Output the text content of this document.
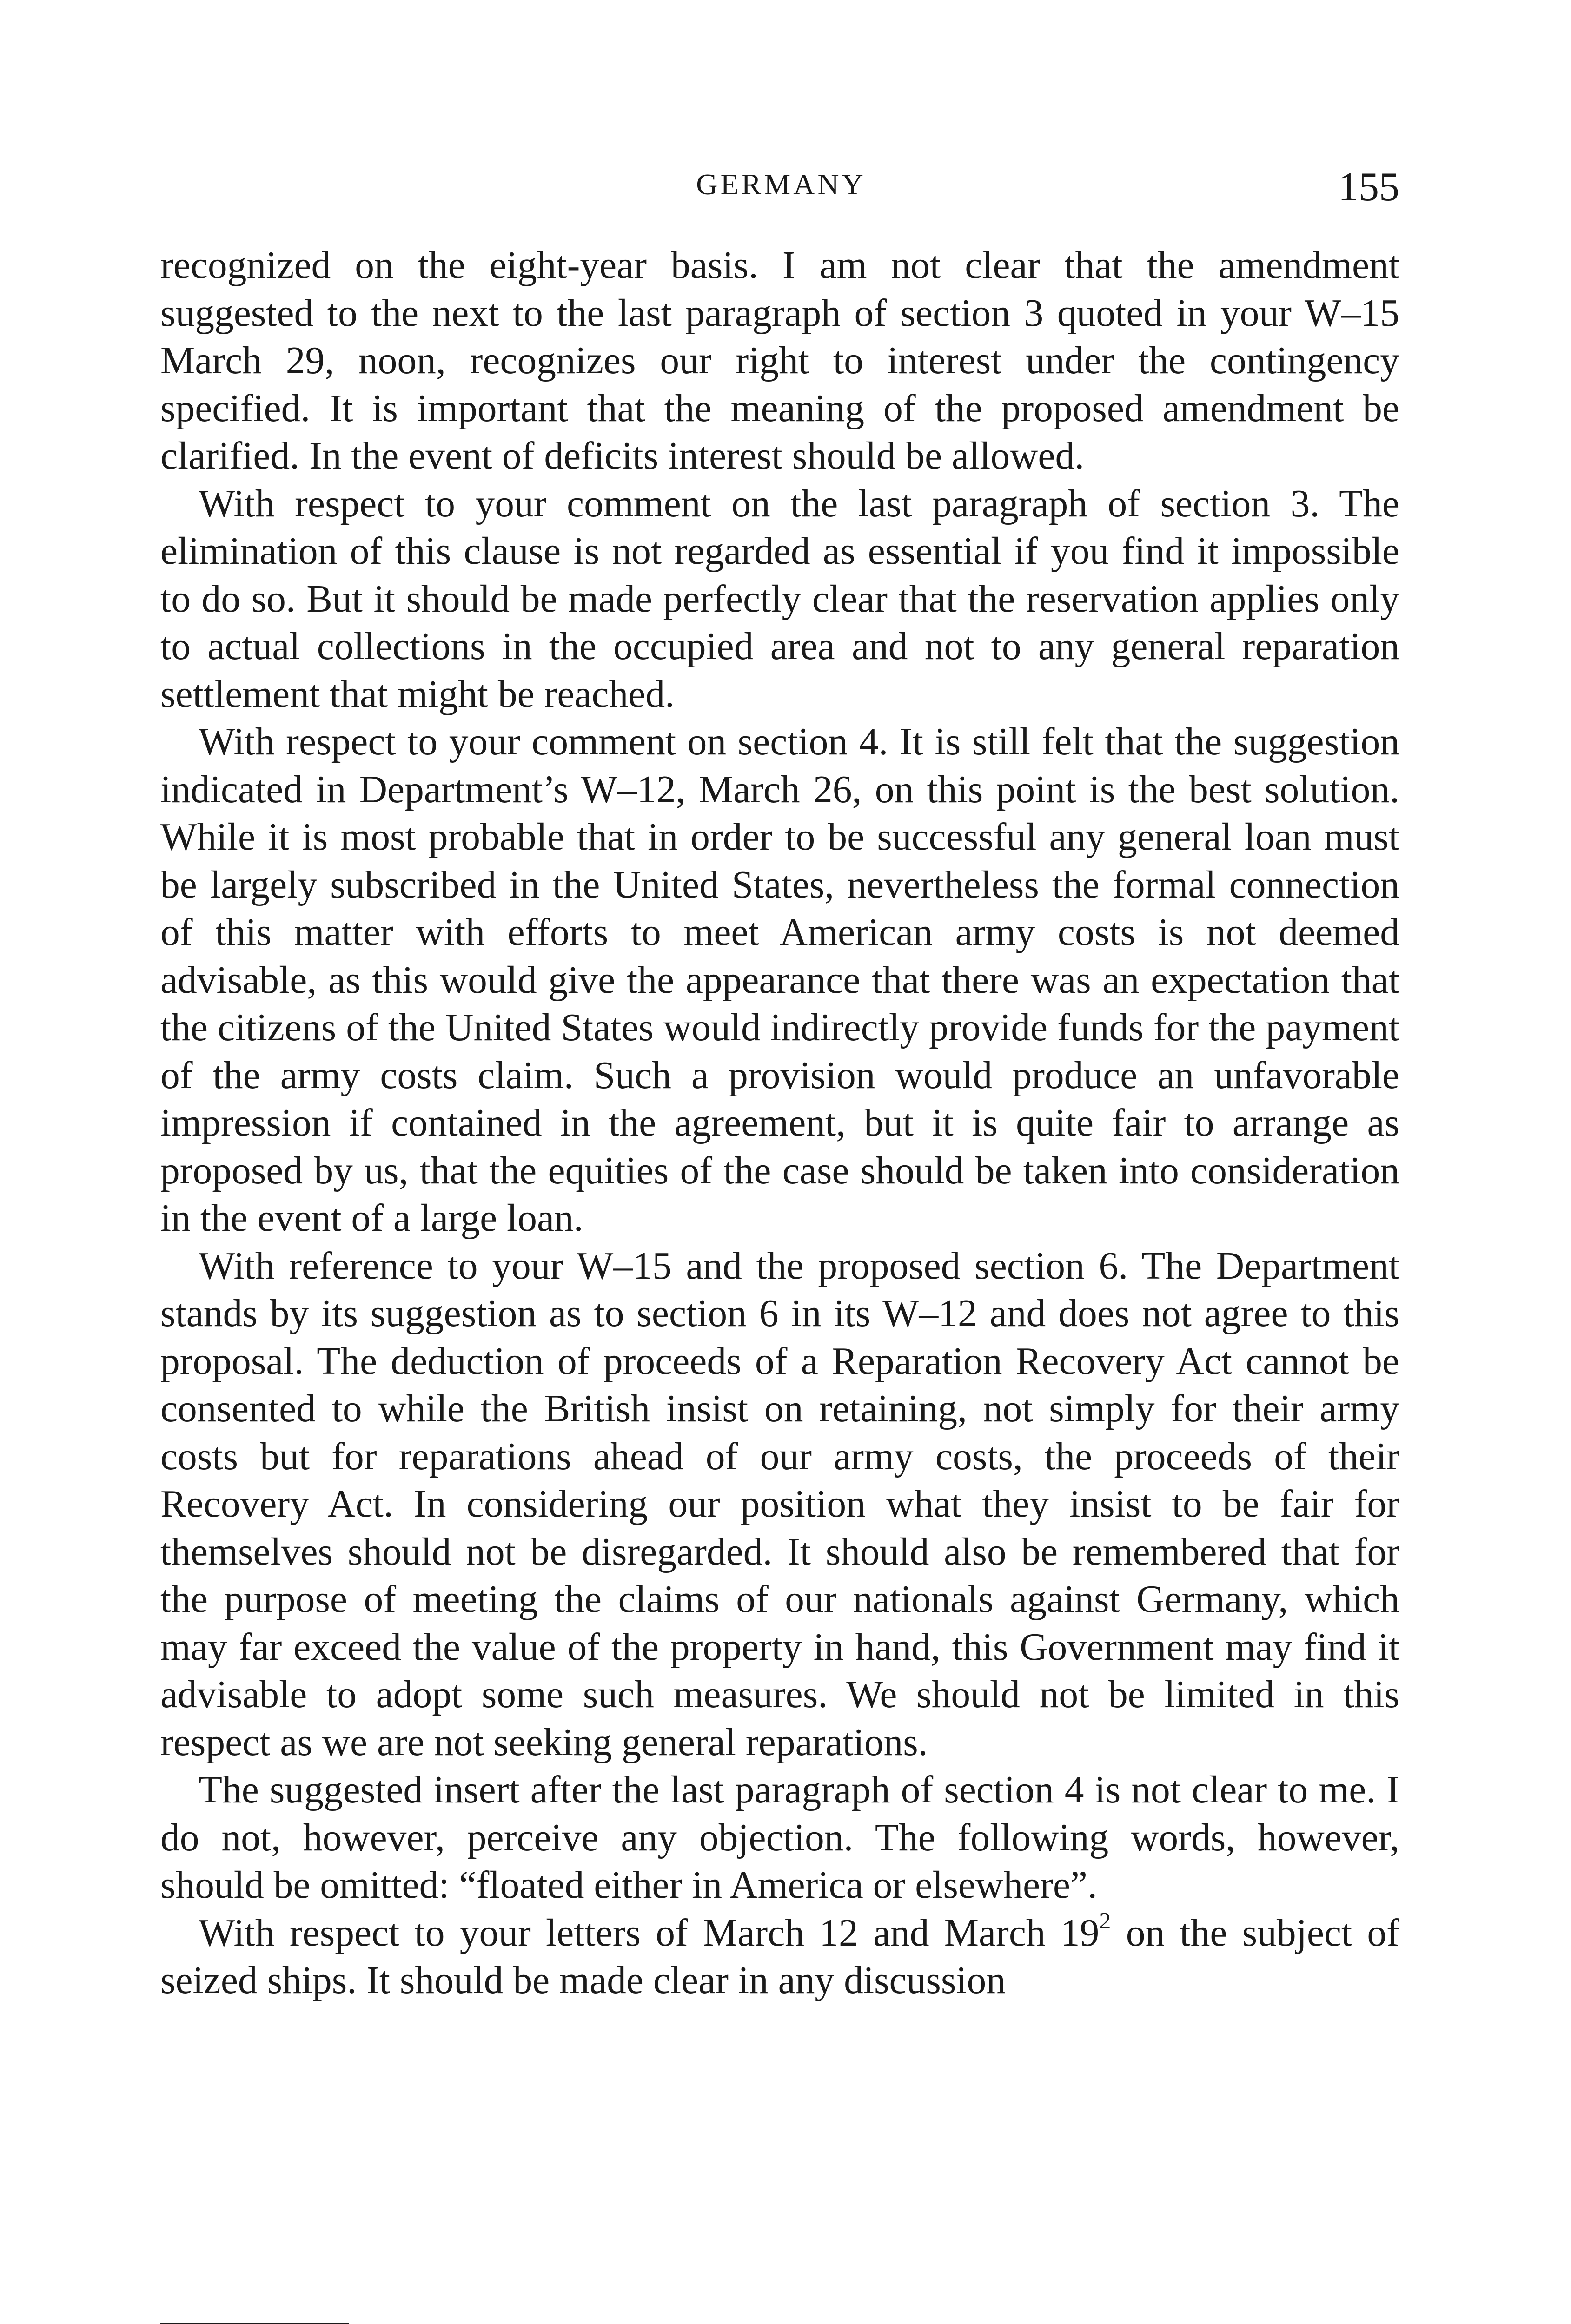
GERMANY	155

recognized on the eight-year basis. I am not clear that the amendment suggested to the next to the last paragraph of section 3 quoted in your W–15 March 29, noon, recognizes our right to interest under the contingency specified. It is important that the meaning of the proposed amendment be clarified. In the event of deficits interest should be allowed.

With respect to your comment on the last paragraph of section 3. The elimination of this clause is not regarded as essential if you find it impossible to do so. But it should be made perfectly clear that the reservation applies only to actual collections in the occupied area and not to any general reparation settlement that might be reached.

With respect to your comment on section 4. It is still felt that the suggestion indicated in Department’s W–12, March 26, on this point is the best solution. While it is most probable that in order to be successful any general loan must be largely subscribed in the United States, nevertheless the formal connection of this matter with efforts to meet American army costs is not deemed advisable, as this would give the appearance that there was an expectation that the citizens of the United States would indirectly provide funds for the payment of the army costs claim. Such a provision would produce an unfavorable impression if contained in the agreement, but it is quite fair to arrange as proposed by us, that the equities of the case should be taken into consideration in the event of a large loan.

With reference to your W–15 and the proposed section 6. The Department stands by its suggestion as to section 6 in its W–12 and does not agree to this proposal. The deduction of proceeds of a Reparation Recovery Act cannot be consented to while the British insist on retaining, not simply for their army costs but for reparations ahead of our army costs, the proceeds of their Recovery Act. In considering our position what they insist to be fair for themselves should not be disregarded. It should also be remembered that for the purpose of meeting the claims of our nationals against Germany, which may far exceed the value of the property in hand, this Government may find it advisable to adopt some such measures. We should not be limited in this respect as we are not seeking general reparations.

The suggested insert after the last paragraph of section 4 is not clear to me. I do not, however, perceive any objection. The following words, however, should be omitted: “floated either in America or elsewhere”.

With respect to your letters of March 12 and March 19$^2$ on the subject of seized ships. It should be made clear in any discussion
